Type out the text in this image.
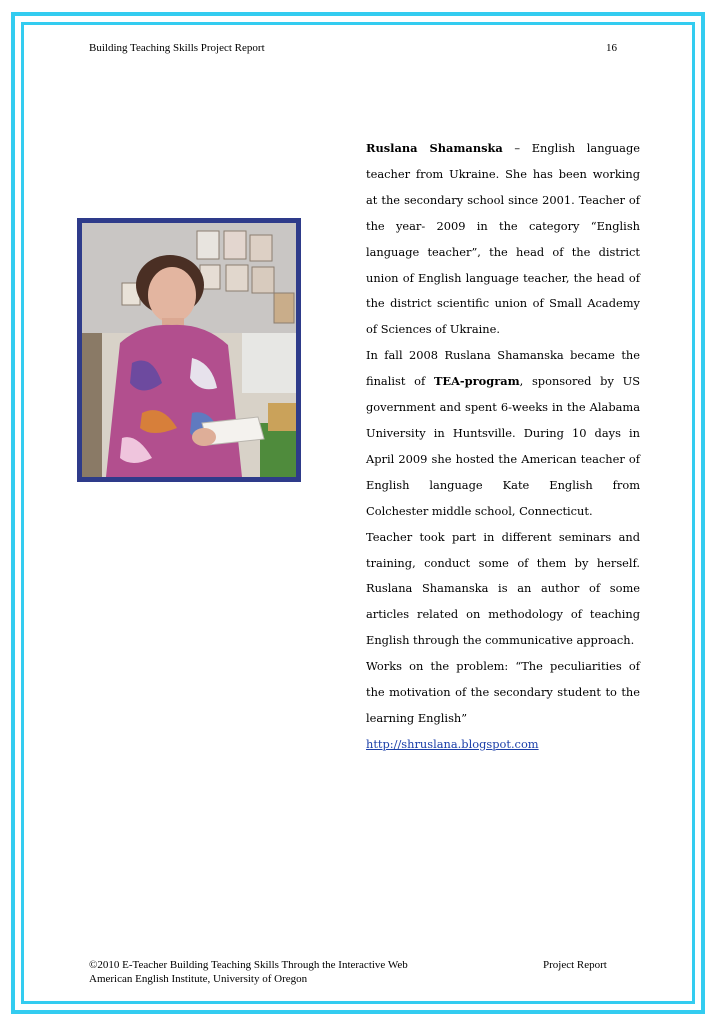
Building Teaching Skills Project Report	16

Ruslana Shamanska – English language teacher from Ukraine. She has been working at the secondary school since 2001. Teacher of the year- 2009 in the category “English language teacher”, the head of the district union of English language teacher, the head of the district scientific union of Small Academy of Sciences of Ukraine.

In fall 2008 Ruslana Shamanska became the finalist of TEA-program, sponsored by US government and spent 6-weeks in the Alabama University in Huntsville. During 10 days in April 2009 she hosted the American teacher of English language Kate English from Colchester middle school, Connecticut.

Teacher took part in different seminars and training, conduct some of them by herself. Ruslana Shamanska is an author of some articles related on methodology of teaching English through the communicative approach.

Works on the problem: “The peculiarities of the motivation of the secondary student to the learning English”

http://shruslana.blogspot.com

©2010 E-Teacher Building Teaching Skills Through the Interactive Web	Project Report
American English Institute, University of Oregon
